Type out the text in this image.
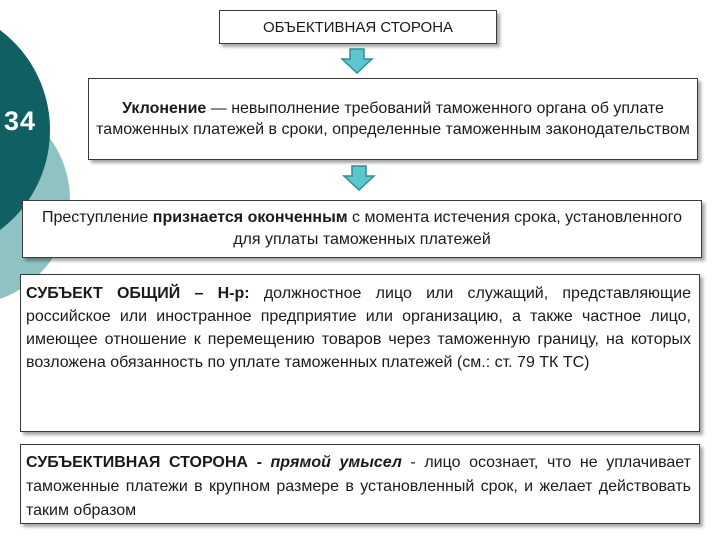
34
ОБЪЕКТИВНАЯ СТОРОНА
Уклонение — невыполнение требований таможенного органа об уплате таможенных платежей в сроки, определенные таможенным законодательством
Преступление признается оконченным с момента истечения срока, установленного для уплаты таможенных платежей
СУБЪЕКТ ОБЩИЙ – Н-р: должностное лицо или служащий, представляющие российское или иностранное предприятие или организацию, а также частное лицо, имеющее отношение к перемещению товаров через таможенную границу, на которых возложена обязанность по уплате таможенных платежей (см.: ст. 79 ТК ТС)
СУБЪЕКТИВНАЯ СТОРОНА - прямой умысел - лицо осознает, что не уплачивает таможенные платежи в крупном размере в установленный срок, и желает действовать таким образом
